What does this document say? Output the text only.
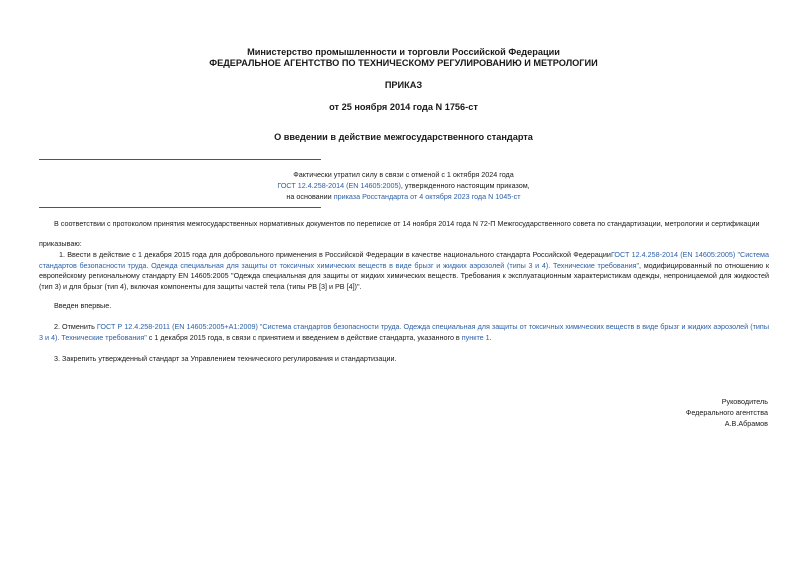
Министерство промышленности и торговли Российской Федерации
ФЕДЕРАЛЬНОЕ АГЕНТСТВО ПО ТЕХНИЧЕСКОМУ РЕГУЛИРОВАНИЮ И МЕТРОЛОГИИ
ПРИКАЗ
от 25 ноября 2014 года N 1756-ст
О введении в действие межгосударственного стандарта
Фактически утратил силу в связи с отменой с 1 октября 2024 года
ГОСТ 12.4.258-2014 (EN 14605:2005), утвержденного настоящим приказом,
на основании приказа Росстандарта от 4 октября 2023 года N 1045-ст
В соответствии с протоколом принятия межгосударственных нормативных документов по переписке от 14 ноября 2014 года N 72-П Межгосударственного совета по стандартизации, метрологии и сертификации
приказываю:
1. Ввести в действие с 1 декабря 2015 года для добровольного применения в Российской Федерации в качестве национального стандарта Российской ФедерацииГОСТ 12.4.258-2014 (EN 14605:2005) "Система стандартов безопасности труда. Одежда специальная для защиты от токсичных химических веществ в виде брызг и жидких аэрозолей (типы 3 и 4). Технические требования", модифицированный по отношению к европейскому региональному стандарту EN 14605:2005 "Одежда специальная для защиты от жидких химических веществ. Требования к эксплуатационным характеристикам одежды, непроницаемой для жидкостей (тип 3) и для брызг (тип 4), включая компоненты для защиты частей тела (типы PB [3] и PB [4])".
Введен впервые.
2. Отменить ГОСТ Р 12.4.258-2011 (EN 14605:2005+A1:2009) "Система стандартов безопасности труда. Одежда специальная для защиты от токсичных химических веществ в виде брызг и жидких аэрозолей (типы 3 и 4). Технические требования" с 1 декабря 2015 года, в связи с принятием и введением в действие стандарта, указанного в пункте 1.
3. Закрепить утвержденный стандарт за Управлением технического регулирования и стандартизации.
Руководитель
Федерального агентства
А.В.Абрамов
